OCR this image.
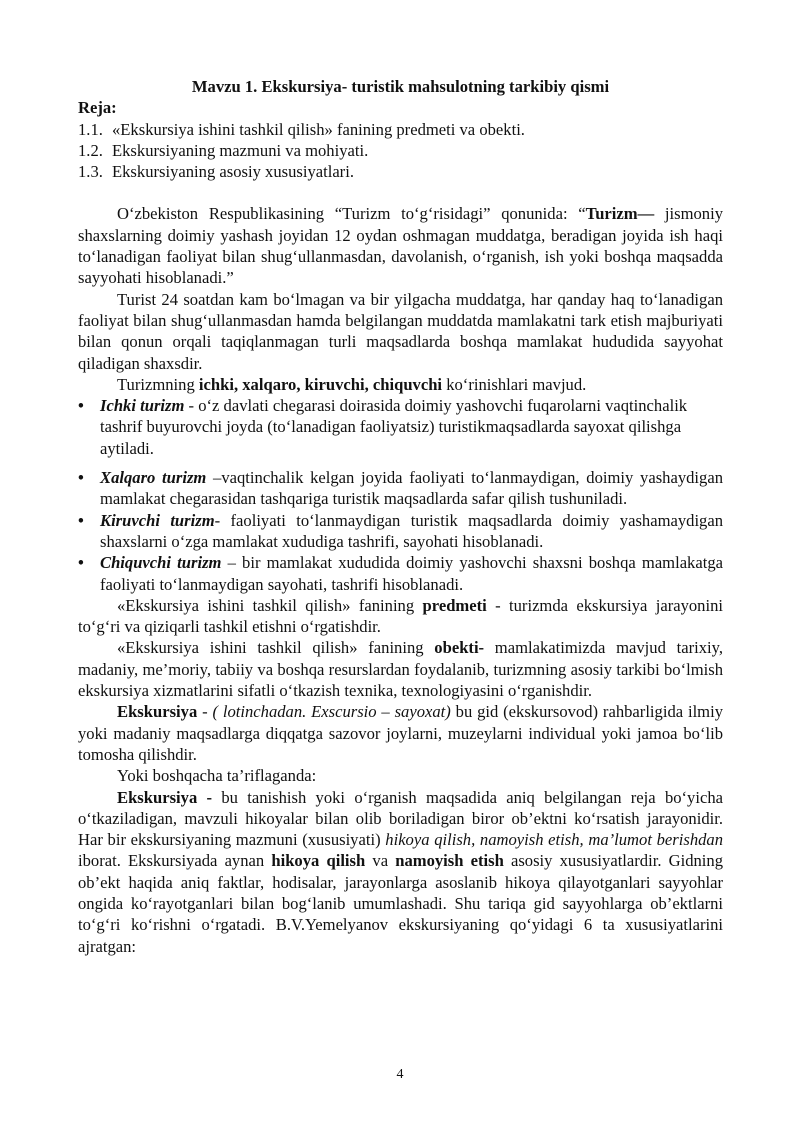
Mavzu 1. Ekskursiya- turistik mahsulotning tarkibiy qismi
Reja:
1.1. «Ekskursiya ishini tashkil qilish» fanining predmeti va obekti.
1.2. Ekskursiyaning mazmuni va mohiyati.
1.3. Ekskursiyaning asosiy xususiyatlari.

O‘zbekiston Respublikasining “Turizm to‘g‘risidagi” qonunida: “Turizm— jismoniy shaxslarning doimiy yashash joyidan 12 oydan oshmagan muddatga, beradigan joyida ish haqi to‘lanadigan faoliyat bilan shug‘ullanmasdan, davolanish, o‘rganish, ish yoki boshqa maqsadda sayyohati hisoblanadi.”

Turist 24 soatdan kam bo‘lmagan va bir yilgacha muddatga, har qanday haq to‘lanadigan faoliyat bilan shug‘ullanmasdan hamda belgilangan muddatda mamlakatni tark etish majburiyati bilan qonun orqali taqiqlanmagan turli maqsadlarda boshqa mamlakat hududida sayyohat qiladigan shaxsdir.

Turizmning ichki, xalqaro, kiruvchi, chiquvchi ko‘rinishlari mavjud.

• Ichki turizm - o‘z davlati chegarasi doirasida doimiy yashovchi fuqarolarni vaqtinchalik tashrif buyurovchi joyda (to‘lanadigan faoliyatsiz) turistikmaqsadlarda sayoxat qilishga aytiladi.
• Xalqaro turizm –vaqtinchalik kelgan joyida faoliyati to‘lanmaydigan, doimiy yashaydigan mamlakat chegarasidan tashqariga turistik maqsadlarda safar qilish tushuniladi.
• Kiruvchi turizm- faoliyati to‘lanmaydigan turistik maqsadlarda doimiy yashamaydigan shaxslarni o‘zga mamlakat xududiga tashrifi, sayohati hisoblanadi.
• Chiquvchi turizm – bir mamlakat xududida doimiy yashovchi shaxsni boshqa mamlakatga faoliyati to‘lanmaydigan sayohati, tashrifi hisoblanadi.

«Ekskursiya ishini tashkil qilish» fanining predmeti - turizmda ekskursiya jarayonini to‘g‘ri va qiziqarli tashkil etishni o‘rgatishdir.

«Ekskursiya ishini tashkil qilish» fanining obekti- mamlakatimizda mavjud tarixiy, madaniy, me’moriy, tabiiy va boshqa resurslardan foydalanib, turizmning asosiy tarkibi bo‘lmish ekskursiya xizmatlarini sifatli o‘tkazish texnika, texnologiyasini o‘rganishdir.

Ekskursiya - ( lotinchadan. Exscursio – sayoxat) bu gid (ekskursovod) rahbarligida ilmiy yoki madaniy maqsadlarga diqqatga sazovor joylarni, muzeylarni individual yoki jamoa bo‘lib tomosha qilishdir.

Yoki boshqacha ta’riflaganda:

Ekskursiya - bu tanishish yoki o‘rganish maqsadida aniq belgilangan reja bo‘yicha o‘tkaziladigan, mavzuli hikoyalar bilan olib boriladigan biror ob’ektni ko‘rsatish jarayonidir. Har bir ekskursiyaning mazmuni (xususiyati) hikoya qilish, namoyish etish, ma’lumot berishdan iborat. Ekskursiyada aynan hikoya qilish va namoyish etish asosiy xususiyatlardir. Gidning ob’ekt haqida aniq faktlar, hodisalar, jarayonlarga asoslanib hikoya qilayotganlari sayyohlar ongida ko‘rayotganlari bilan bog‘lanib umumlashadi. Shu tariqa gid sayyohlarga ob’ektlarni to‘g‘ri ko‘rishni o‘rgatadi. B.V.Yemelyanov ekskursiyaning qo‘yidagi 6 ta xususiyatlarini ajratgan:

4
